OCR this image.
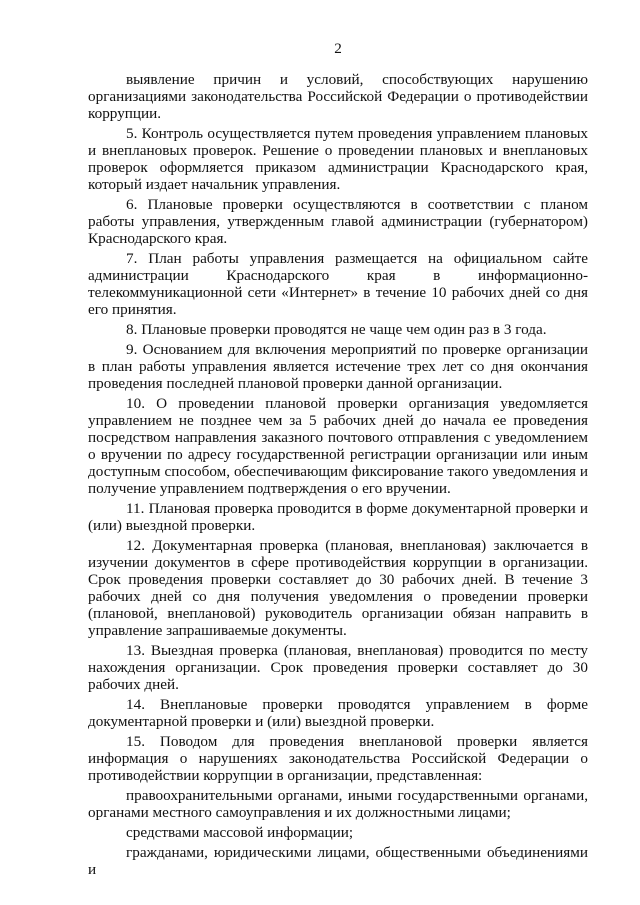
2

выявление причин и условий, способствующих нарушению организациями законодательства Российской Федерации о противодействии коррупции.

5. Контроль осуществляется путем проведения управлением плановых и внеплановых проверок. Решение о проведении плановых и внеплановых проверок оформляется приказом администрации Краснодарского края, который издает начальник управления.

6. Плановые проверки осуществляются в соответствии с планом работы управления, утвержденным главой администрации (губернатором) Краснодарского края.

7. План работы управления размещается на официальном сайте администрации Краснодарского края в информационно-телекоммуникационной сети «Интернет» в течение 10 рабочих дней со дня его принятия.

8. Плановые проверки проводятся не чаще чем один раз в 3 года.

9. Основанием для включения мероприятий по проверке организации в план работы управления является истечение трех лет со дня окончания проведения последней плановой проверки данной организации.

10. О проведении плановой проверки организация уведомляется управлением не позднее чем за 5 рабочих дней до начала ее проведения посредством направления заказного почтового отправления с уведомлением о вручении по адресу государственной регистрации организации или иным доступным способом, обеспечивающим фиксирование такого уведомления и получение управлением подтверждения о его вручении.

11. Плановая проверка проводится в форме документарной проверки и (или) выездной проверки.

12. Документарная проверка (плановая, внеплановая) заключается в изучении документов в сфере противодействия коррупции в организации. Срок проведения проверки составляет до 30 рабочих дней. В течение 3 рабочих дней со дня получения уведомления о проведении проверки (плановой, внеплановой) руководитель организации обязан направить в управление запрашиваемые документы.

13. Выездная проверка (плановая, внеплановая) проводится по месту нахождения организации. Срок проведения проверки составляет до 30 рабочих дней.

14. Внеплановые проверки проводятся управлением в форме документарной проверки и (или) выездной проверки.

15. Поводом для проведения внеплановой проверки является информация о нарушениях законодательства Российской Федерации о противодействии коррупции в организации, представленная:

правоохранительными органами, иными государственными органами, органами местного самоуправления и их должностными лицами;

средствами массовой информации;

гражданами, юридическими лицами, общественными объединениями и
